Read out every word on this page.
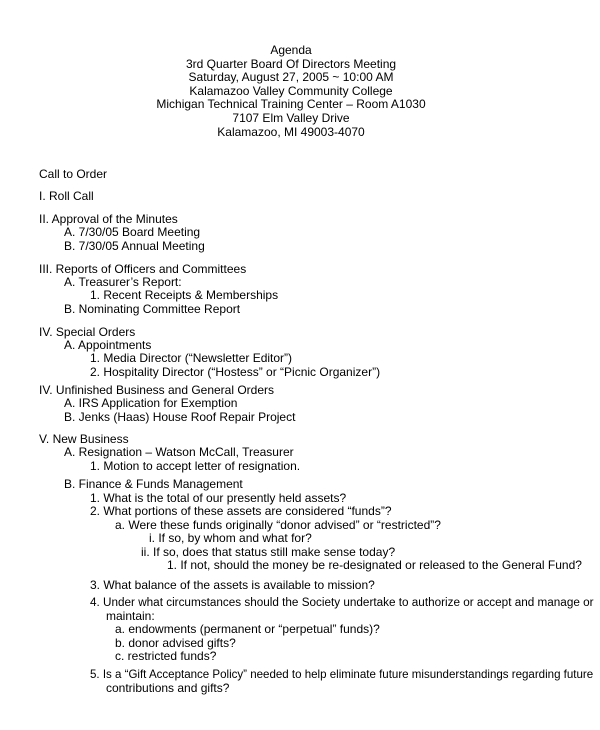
Agenda
3rd Quarter Board Of Directors Meeting
Saturday, August 27, 2005 ~ 10:00 AM
Kalamazoo Valley Community College
Michigan Technical Training Center – Room A1030
7107 Elm Valley Drive
Kalamazoo, MI 49003-4070
Call to Order
I. Roll Call
II. Approval of the Minutes
A. 7/30/05 Board Meeting
B. 7/30/05 Annual Meeting
III. Reports of Officers and Committees
A. Treasurer’s Report:
1. Recent Receipts & Memberships
B. Nominating Committee Report
IV. Special Orders
A. Appointments
1. Media Director (“Newsletter Editor”)
2. Hospitality Director (“Hostess” or “Picnic Organizer”)
IV. Unfinished Business and General Orders
A. IRS Application for Exemption
B. Jenks (Haas) House Roof Repair Project
V. New Business
A. Resignation – Watson McCall, Treasurer
1. Motion to accept letter of resignation.
B. Finance & Funds Management
1. What is the total of our presently held assets?
2. What portions of these assets are considered “funds”?
a. Were these funds originally “donor advised” or “restricted”?
i. If so, by whom and what for?
ii. If so, does that status still make sense today?
1. If not, should the money be re-designated or released to the General Fund?
3. What balance of the assets is available to mission?
4. Under what circumstances should the Society undertake to authorize or accept and manage or
maintain:
a. endowments (permanent or “perpetual” funds)?
b. donor advised gifts?
c. restricted funds?
5. Is a “Gift Acceptance Policy” needed to help eliminate future misunderstandings regarding future
contributions and gifts?
